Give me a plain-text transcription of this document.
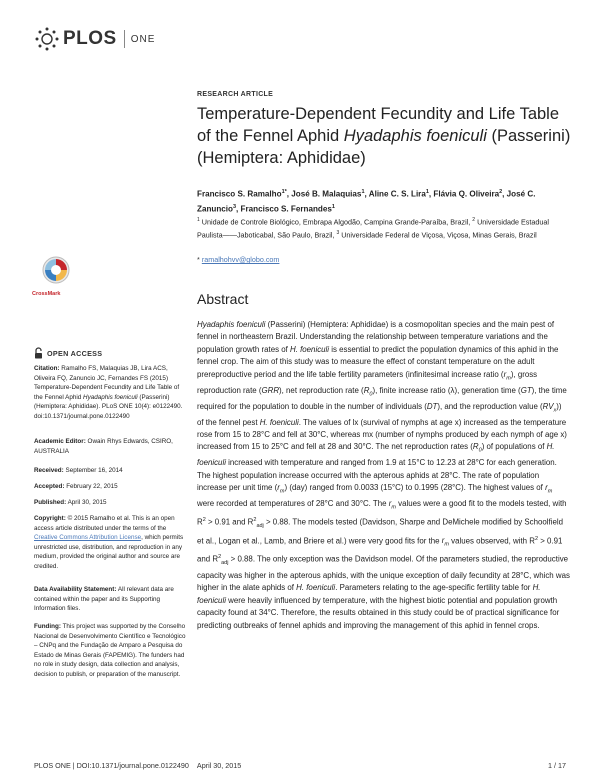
PLOS ONE
RESEARCH ARTICLE
Temperature-Dependent Fecundity and Life Table of the Fennel Aphid Hyadaphis foeniculi (Passerini) (Hemiptera: Aphididae)
Francisco S. Ramalho$^{1*}$, José B. Malaquias$^1$, Aline C. S. Lira$^1$, Flávia Q. Oliveira$^2$, José C. Zanuncio$^3$, Francisco S. Fernandes$^1$
$^1$ Unidade de Controle Biológico, Embrapa Algodão, Campina Grande-Paraíba, Brazil, $^2$ Universidade Estadual Paulista——Jaboticabal, São Paulo, Brazil, $^3$ Universidade Federal de Viçosa, Viçosa, Minas Gerais, Brazil
* ramalhohvv@globo.com
CrossMark
OPEN ACCESS
Citation: Ramalho FS, Malaquias JB, Lira ACS, Oliveira FQ, Zanuncio JC, Fernandes FS (2015) Temperature-Dependent Fecundity and Life Table of the Fennel Aphid Hyadaphis foeniculi (Passerini) (Hemiptera: Aphididae). PLoS ONE 10(4): e0122490. doi:10.1371/journal.pone.0122490
Academic Editor: Owain Rhys Edwards, CSIRO, AUSTRALIA
Received: September 16, 2014
Accepted: February 22, 2015
Published: April 30, 2015
Copyright: © 2015 Ramalho et al. This is an open access article distributed under the terms of the Creative Commons Attribution License, which permits unrestricted use, distribution, and reproduction in any medium, provided the original author and source are credited.
Data Availability Statement: All relevant data are contained within the paper and its Supporting Information files.
Funding: This project was supported by the Conselho Nacional de Desenvolvimento Científico e Tecnológico – CNPq and the Fundação de Amparo a Pesquisa do Estado de Minas Gerais (FAPEMIG). The funders had no role in study design, data collection and analysis, decision to publish, or preparation of the manuscript.
Abstract
Hyadaphis foeniculi (Passerini) (Hemiptera: Aphididae) is a cosmopolitan species and the main pest of fennel in northeastern Brazil. Understanding the relationship between temperature variations and the population growth rates of H. foeniculi is essential to predict the population dynamics of this aphid in the fennel crop. The aim of this study was to measure the effect of constant temperature on the adult prereproductive period and the life table fertility parameters (infinitesimal increase ratio $(r_m)$, gross reproduction rate (GRR), net reproduction rate $(R_0)$, finite increase ratio (λ), generation time (GT), the time required for the population to double in the number of individuals (DT), and the reproduction value $(RV_x)$) of the fennel pest H. foeniculi. The values of lx (survival of nymphs at age x) increased as the temperature rose from 15 to 28°C and fell at 30°C, whereas mx (number of nymphs produced by each nymph of age x) increased from 15 to 25°C and fell at 28 and 30°C. The net reproduction rates $(R_0)$ of populations of H. foeniculi increased with temperature and ranged from 1.9 at 15°C to 12.23 at 28°C for each generation. The highest population increase occurred with the apterous aphids at 28°C. The rate of population increase per unit time $(r_m)$ (day) ranged from 0.0033 (15°C) to 0.1995 (28°C). The highest values of $r_m$ were recorded at temperatures of 28°C and 30°C. The $r_m$ values were a good fit to the models tested, with $R^2 > 0.91$ and $R^2_{adj} > 0.88$. The models tested (Davidson, Sharpe and DeMichele modified by Schoolfield et al., Logan et al., Lamb, and Briere et al.) were very good fits for the $r_m$ values observed, with $R^2 > 0.91$ and $R^2_{adj} > 0.88$. The only exception was the Davidson model. Of the parameters studied, the reproductive capacity was higher in the apterous aphids, with the unique exception of daily fecundity at 28°C, which was higher in the alate aphids of H. foeniculi. Parameters relating to the age-specific fertility table for H. foeniculi were heavily influenced by temperature, with the highest biotic potential and population growth capacity found at 34°C. Therefore, the results obtained in this study could be of practical significance for predicting outbreaks of fennel aphids and improving the management of this aphid in fennel crops.
PLOS ONE | DOI:10.1371/journal.pone.0122490 April 30, 2015	1 / 17
